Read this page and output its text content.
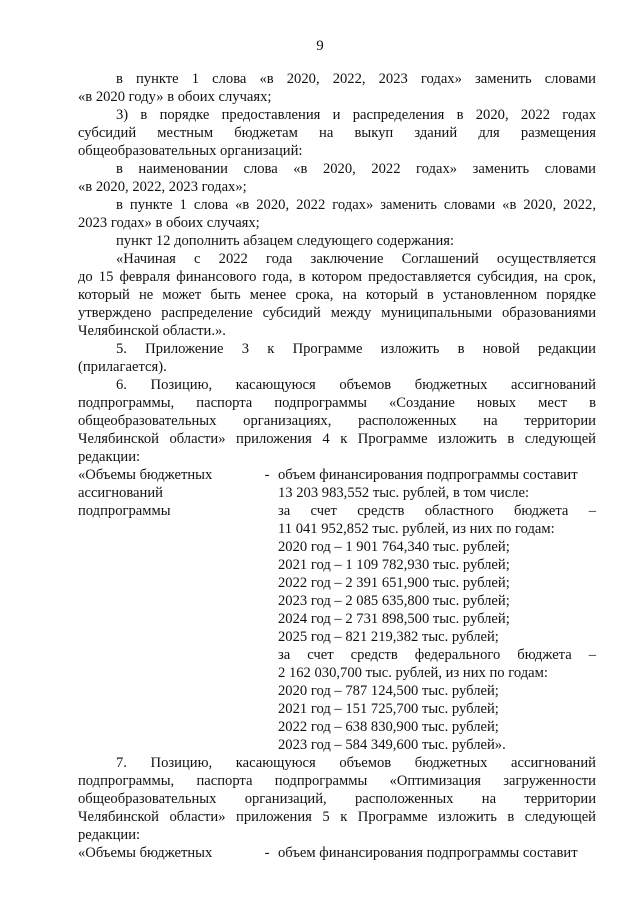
9

в пункте 1 слова «в 2020, 2022, 2023 годах» заменить словами

«в 2020 году» в обоих случаях;

3) в порядке предоставления и распределения в 2020, 2022 годах

субсидий местным бюджетам на выкуп зданий для размещения

общеобразовательных организаций:

в наименовании слова «в 2020, 2022 годах» заменить словами

«в 2020, 2022, 2023 годах»;

в пункте 1 слова «в 2020, 2022 годах» заменить словами «в 2020, 2022,

2023 годах» в обоих случаях;

пункт 12 дополнить абзацем следующего содержания:

«Начиная с 2022 года заключение Соглашений осуществляется

до 15 февраля финансового года, в котором предоставляется субсидия, на срок,

который не может быть менее срока, на который в установленном порядке

утверждено распределение субсидий между муниципальными образованиями

Челябинской области.».

5. Приложение 3 к Программе изложить в новой редакции

(прилагается).

6. Позицию, касающуюся объемов бюджетных ассигнований

подпрограммы, паспорта подпрограммы «Создание новых мест в

общеобразовательных организациях, расположенных на территории

Челябинской области» приложения 4 к Программе изложить в следующей

редакции:

«Объемы бюджетных

ассигнований

подпрограммы

- объем финансирования подпрограммы составит

13 203 983,552 тыс. рублей, в том числе:

за счет средств областного бюджета –

11 041 952,852 тыс. рублей, из них по годам:

2020 год – 1 901 764,340 тыс. рублей;

2021 год – 1 109 782,930 тыс. рублей;

2022 год – 2 391 651,900 тыс. рублей;

2023 год – 2 085 635,800 тыс. рублей;

2024 год – 2 731 898,500 тыс. рублей;

2025 год – 821 219,382 тыс. рублей;

за счет средств федерального бюджета –

2 162 030,700 тыс. рублей, из них по годам:

2020 год – 787 124,500 тыс. рублей;

2021 год – 151 725,700 тыс. рублей;

2022 год – 638 830,900 тыс. рублей;

2023 год – 584 349,600 тыс. рублей».

7. Позицию, касающуюся объемов бюджетных ассигнований

подпрограммы, паспорта подпрограммы «Оптимизация загруженности

общеобразовательных организаций, расположенных на территории

Челябинской области» приложения 5 к Программе изложить в следующей

редакции:

«Объемы бюджетных	- объем финансирования подпрограммы составит
